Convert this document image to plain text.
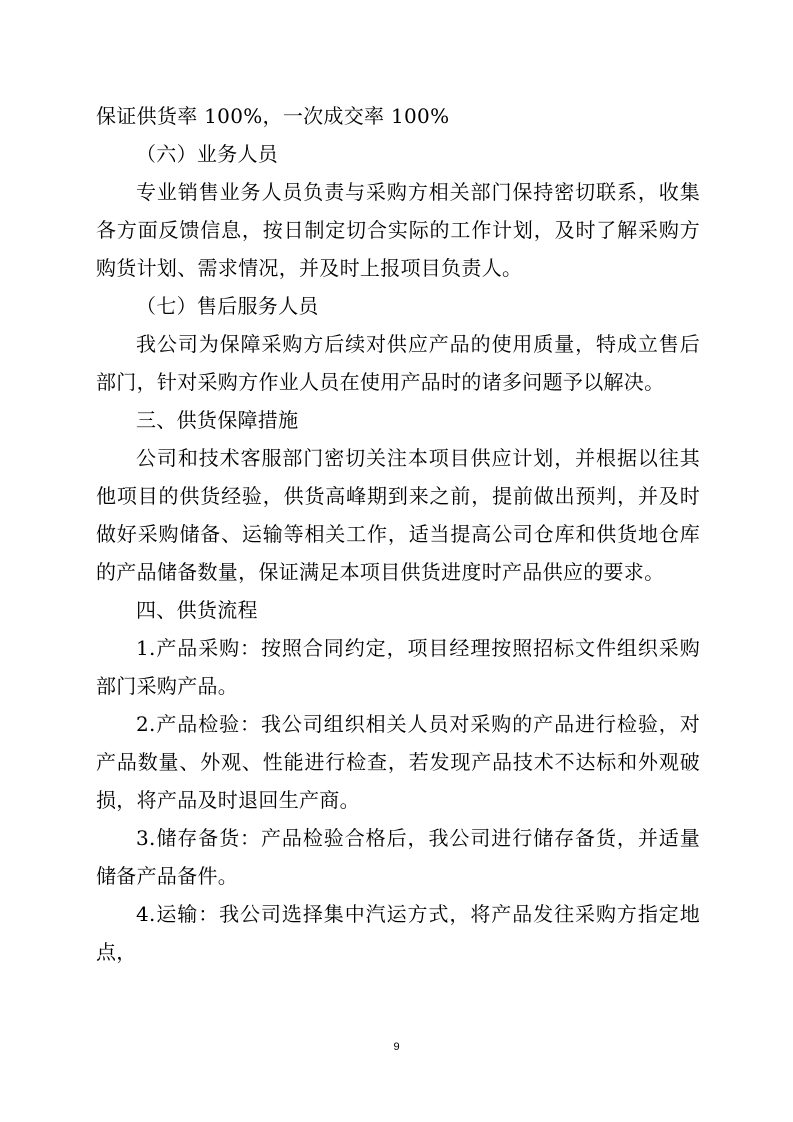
保证供货率 100%，一次成交率 100%

（六）业务人员

专业销售业务人员负责与采购方相关部门保持密切联系，收集各方面反馈信息，按日制定切合实际的工作计划，及时了解采购方购货计划、需求情况，并及时上报项目负责人。

（七）售后服务人员

我公司为保障采购方后续对供应产品的使用质量，特成立售后部门，针对采购方作业人员在使用产品时的诸多问题予以解决。

三、供货保障措施

公司和技术客服部门密切关注本项目供应计划，并根据以往其他项目的供货经验，供货高峰期到来之前，提前做出预判，并及时做好采购储备、运输等相关工作，适当提高公司仓库和供货地仓库的产品储备数量，保证满足本项目供货进度时产品供应的要求。

四、供货流程

1.产品采购：按照合同约定，项目经理按照招标文件组织采购部门采购产品。

2.产品检验：我公司组织相关人员对采购的产品进行检验，对产品数量、外观、性能进行检查，若发现产品技术不达标和外观破损，将产品及时退回生产商。

3.储存备货：产品检验合格后，我公司进行储存备货，并适量储备产品备件。

4.运输：我公司选择集中汽运方式，将产品发往采购方指定地点，

9
